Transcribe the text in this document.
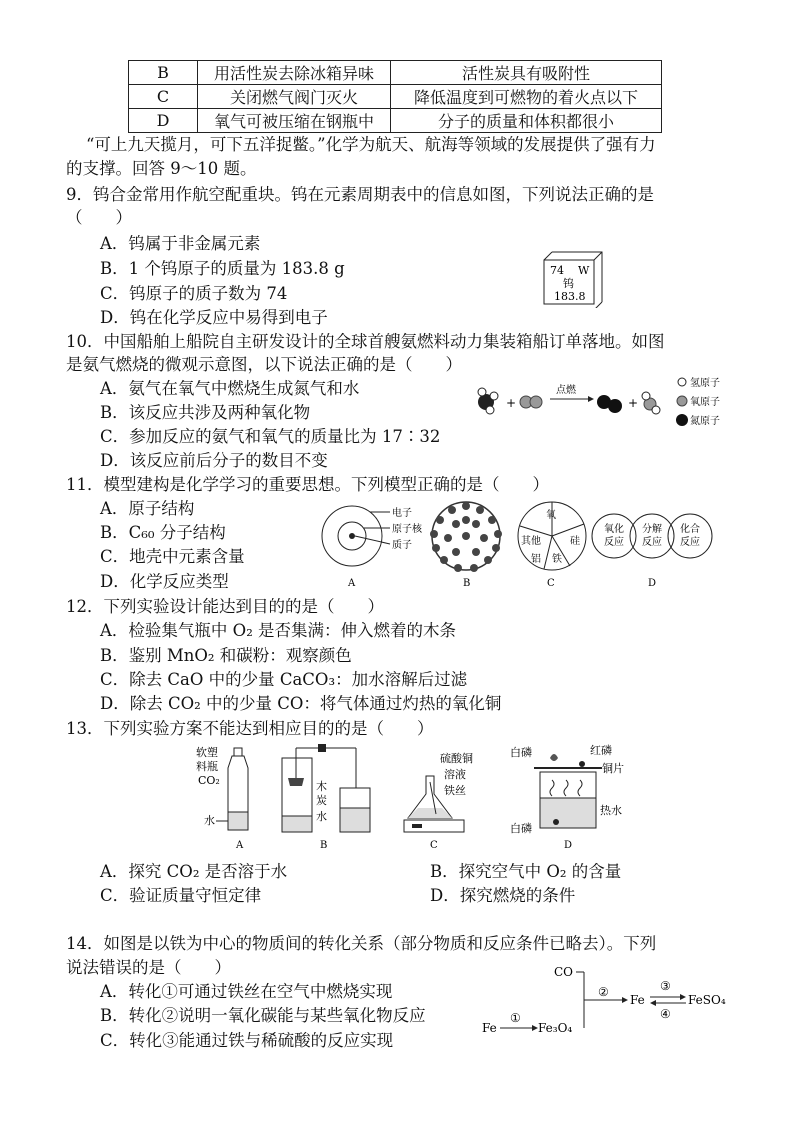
B	用活性炭去除冰箱异味	活性炭具有吸附性
C	关闭燃气阀门灭火	降低温度到可燃物的着火点以下
D	氧气可被压缩在钢瓶中	分子的质量和体积都很小
“可上九天揽月，可下五洋捉鳖。”化学为航天、航海等领域的发展提供了强有力
的支撑。回答 9～10 题。
9．钨合金常用作航空配重块。钨在元素周期表中的信息如图，下列说法正确的是
（　　）
A．钨属于非金属元素
B．1 个钨原子的质量为 183.8 g
C．钨原子的质子数为 74
D．钨在化学反应中易得到电子
74 W
钨
183.8
10．中国船舶上船院自主研发设计的全球首艘氨燃料动力集装箱船订单落地。如图
是氨气燃烧的微观示意图，以下说法正确的是（　　）
A．氨气在氧气中燃烧生成氮气和水
B．该反应共涉及两种氧化物
C．参加反应的氨气和氧气的质量比为 17∶32
D．该反应前后分子的数目不变
+
点燃
+
氢原子
氧原子
氮原子
11．模型建构是化学学习的重要思想。下列模型正确的是（　　）
A．原子结构
B．C₆₀ 分子结构
C．地壳中元素含量
D．化学反应类型
电子
原子核
质子
氧
硅
铁
铝
其他
氧化
反应
分解
反应
化合
反应
A	B	C	D
12．下列实验设计能达到目的的是（　　）
A．检验集气瓶中 O₂ 是否集满：伸入燃着的木条
B．鉴别 MnO₂ 和碳粉：观察颜色
C．除去 CaO 中的少量 CaCO₃：加水溶解后过滤
D．除去 CO₂ 中的少量 CO：将气体通过灼热的氧化铜
13．下列实验方案不能达到相应目的的是（　　）
软塑
料瓶
CO₂
水
木
炭
水
硫酸铜
溶液
铁丝
白磷	红磷
铜片
热水
白磷
A	B	C	D
A．探究 CO₂ 是否溶于水	B．探究空气中 O₂ 的含量
C．验证质量守恒定律	D．探究燃烧的条件
14．如图是以铁为中心的物质间的转化关系（部分物质和反应条件已略去）。下列
说法错误的是（　　）
A．转化①可通过铁丝在空气中燃烧实现
B．转化②说明一氧化碳能与某些氧化物反应
C．转化③能通过铁与稀硫酸的反应实现
CO
②
Fe
③
④
FeSO₄
Fe
①
Fe₃O₄
